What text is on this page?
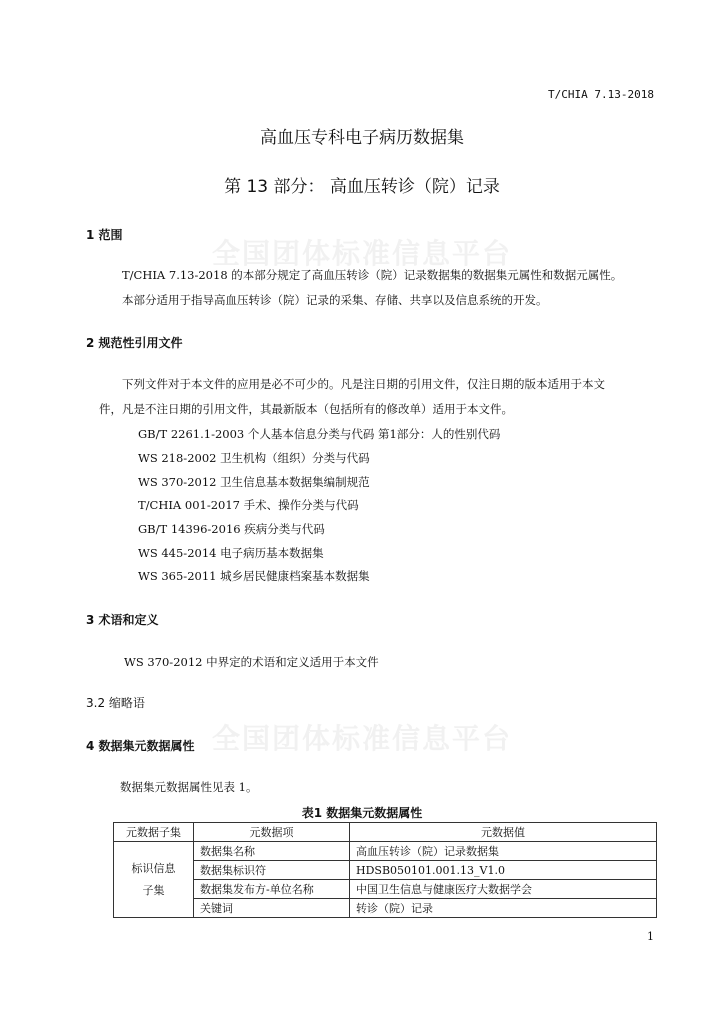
T/CHIA 7.13-2018
高血压专科电子病历数据集
第 13 部分： 高血压转诊（院）记录
全国团体标准信息平台
全国团体标准信息平台
1 范围
T/CHIA 7.13-2018 的本部分规定了高血压转诊（院）记录数据集的数据集元属性和数据元属性。
本部分适用于指导高血压转诊（院）记录的采集、存储、共享以及信息系统的开发。
2 规范性引用文件
下列文件对于本文件的应用是必不可少的。凡是注日期的引用文件，仅注日期的版本适用于本文
件，凡是不注日期的引用文件，其最新版本（包括所有的修改单）适用于本文件。
GB/T 2261.1-2003 个人基本信息分类与代码 第1部分：人的性别代码
WS 218-2002 卫生机构（组织）分类与代码
WS 370-2012 卫生信息基本数据集编制规范
T/CHIA 001-2017 手术、操作分类与代码
GB/T 14396-2016 疾病分类与代码
WS 445-2014 电子病历基本数据集
WS 365-2011 城乡居民健康档案基本数据集
3 术语和定义
WS 370-2012 中界定的术语和定义适用于本文件
3.2 缩略语
4 数据集元数据属性
数据集元数据属性见表 1。
表1 数据集元数据属性
元数据子集	元数据项	元数据值
标识信息
子集	数据集名称	高血压转诊（院）记录数据集
	数据集标识符	HDSB050101.001.13_V1.0
	数据集发布方-单位名称	中国卫生信息与健康医疗大数据学会
	关键词	转诊（院）记录
1
